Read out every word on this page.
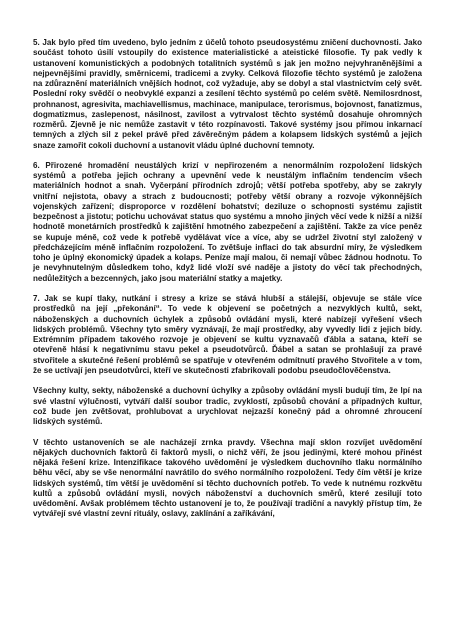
5. Jak bylo před tím uvedeno, bylo jedním z účelů tohoto pseudosystému zničení duchovnosti. Jako součást tohoto úsilí vstoupily do existence materialistické a ateistické filosofie. Ty pak vedly k ustanovení komunistických a podobných totalitních systémů s jak jen možno nejvyhraněnějšími a nejpevnějšími pravidly, směrnicemi, tradicemi a zvyky. Celková filozofie těchto systémů je založena na zdůraznění materiálních vnějších hodnot, což vyžaduje, aby se dobyl a stal vlastnictvím celý svět. Poslední roky svědčí o neobvyklé expanzi a zesílení těchto systémů po celém světě. Nemilosrdnost, prohnanost, agresivita, machiavellismus, machinace, manipulace, terorismus, bojovnost, fanatizmus, dogmatizmus, zaslepenost, násilnost, zavilost a vytrvalost těchto systémů dosahuje ohromných rozměrů. Zjevně je nic nemůže zastavit v této rozpínavosti. Takové systémy jsou přímou inkarnací temných a zlých sil z pekel právě před závěrečným pádem a kolapsem lidských systémů a jejich snaze zamořit cokoli duchovní a ustanovit vládu úplné duchovní temnoty.

6. Přirozené hromadění neustálých krizí v nepřirozeném a nenormálním rozpoložení lidských systémů a potřeba jejich ochrany a upevnění vede k neustálým inflačním tendencím všech materiálních hodnot a snah. Vyčerpání přírodních zdrojů; větší potřeba spotřeby, aby se zakryly vnitřní nejistota, obavy a strach z budoucnosti; potřeby větší obrany a rozvoje výkonnějších vojenských zařízení; disproporce v rozdělení bohatství; deziluze o schopnosti systému zajistit bezpečnost a jistotu; potichu uchovávat status quo systému a mnoho jiných věcí vede k nižší a nižší hodnotě monetárních prostředků k zajištění hmotného zabezpečení a zajištění. Takže za více peněz se kupuje méně, což vede k potřebě vydělávat více a více, aby se udržel životní styl založený v předcházejícím méně inflačním rozpoložení. To zvětšuje inflaci do tak absurdní míry, že výsledkem toho je úplný ekonomický úpadek a kolaps. Peníze mají malou, či nemají vůbec žádnou hodnotu. To je nevyhnutelným důsledkem toho, když lidé vloží své naděje a jistoty do věcí tak přechodných, nedůležitých a bezcenných, jako jsou materiální statky a majetky.

7. Jak se kupí tlaky, nutkání i stresy a krize se stává hlubší a stálejší, objevuje se stále více prostředků na její „překonání“. To vede k objevení se početných a nezvyklých kultů, sekt, náboženských a duchovních úchylek a způsobů ovládání mysli, které nabízejí vyřešení všech lidských problémů. Všechny tyto směry vyznávají, že mají prostředky, aby vyvedly lidi z jejich bídy. Extrémním případem takového rozvoje je objevení se kultu vyznavačů ďábla a satana, kteří se otevřeně hlásí k negativnímu stavu pekel a pseudotvůrců. Ďábel a satan se prohlašují za pravé stvořitele a skutečné řešení problémů se spatřuje v otevřeném odmítnutí pravého Stvořitele a v tom, že se uctívají jen pseudotvůrci, kteří ve skutečnosti zfabrikovali podobu pseudočlověčenstva.

Všechny kulty, sekty, náboženské a duchovní úchylky a způsoby ovládání mysli budují tím, že lpí na své vlastní výlučnosti, vytváří další soubor tradic, zvyklostí, způsobů chování a případných kultur, což bude jen zvětšovat, prohlubovat a urychlovat nejzazší konečný pád a ohromné zhroucení lidských systémů.

V těchto ustanoveních se ale nacházejí zrnka pravdy. Všechna mají sklon rozvíjet uvědomění nějakých duchovních faktorů či faktorů mysli, o nichž věří, že jsou jedinými, které mohou přinést nějaká řešení krize. Intenzifikace takového uvědomění je výsledkem duchovního tlaku normálního běhu věcí, aby se vše nenormální navrátilo do svého normálního rozpoložení. Tedy čím větší je krize lidských systémů, tím větší je uvědomění si těchto duchovních potřeb. To vede k nutnému rozkvětu kultů a způsobů ovládání mysli, nových náboženství a duchovních směrů, které zesilují toto uvědomění. Avšak problémem těchto ustanovení je to, že používají tradiční a navyklý přístup tím, že vytvářejí své vlastní zevní rituály, oslavy, zaklínání a zaříkávání,
